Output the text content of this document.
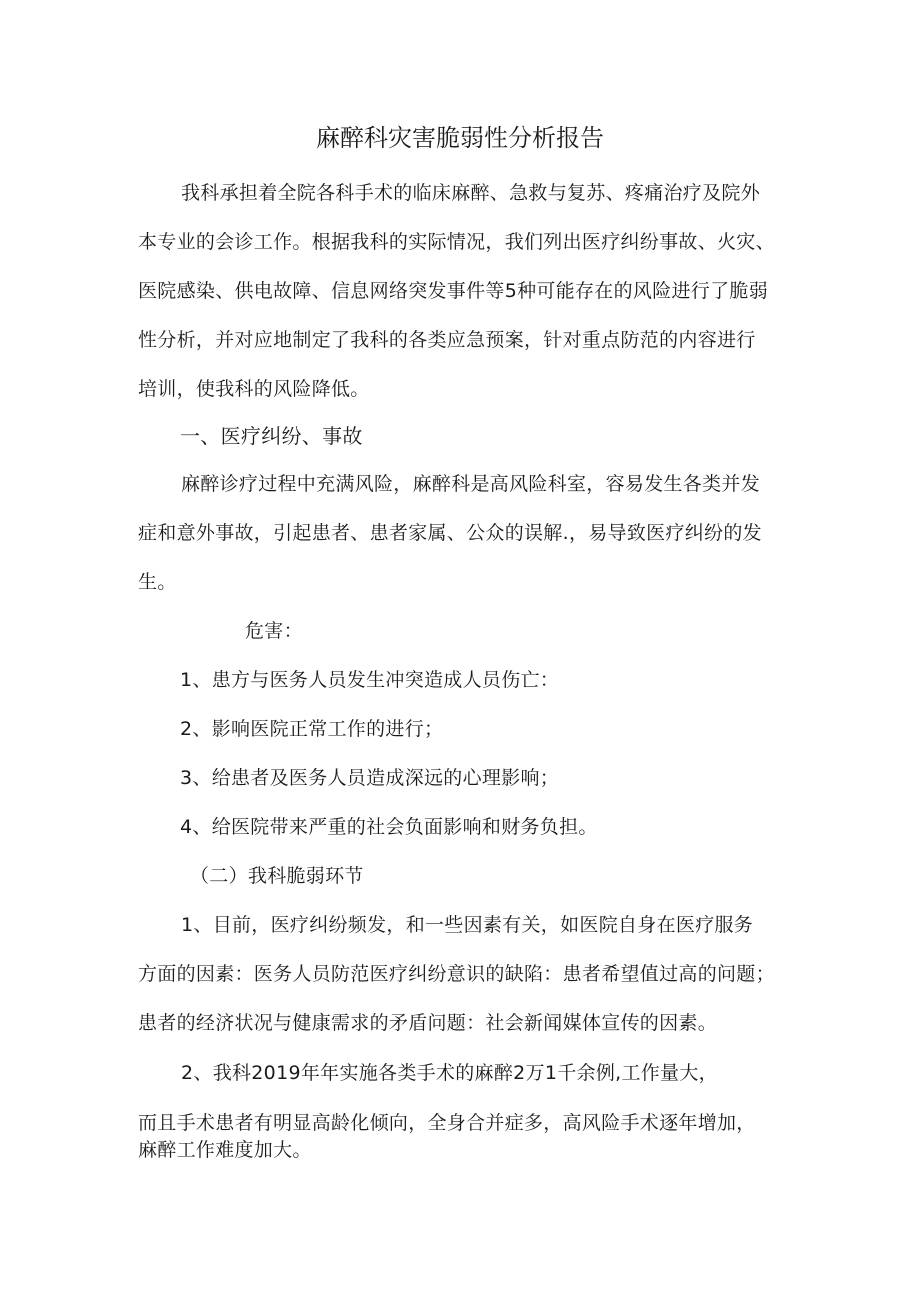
麻醉科灾害脆弱性分析报告
我科承担着全院各科手术的临床麻醉、急救与复苏、疼痛治疗及院外
本专业的会诊工作。根据我科的实际情况，我们列出医疗纠纷事故、火灾、
医院感染、供电故障、信息网络突发事件等5种可能存在的风险进行了脆弱
性分析，并对应地制定了我科的各类应急预案，针对重点防范的内容进行
培训，使我科的风险降低。
一、医疗纠纷、事故
麻醉诊疗过程中充满风险，麻醉科是高风险科室，容易发生各类并发
症和意外事故，引起患者、患者家属、公众的误解.，易导致医疗纠纷的发
生。
危害：
1、患方与医务人员发生冲突造成人员伤亡：
2、影响医院正常工作的进行；
3、给患者及医务人员造成深远的心理影响；
4、给医院带来严重的社会负面影响和财务负担。
（二）我科脆弱环节
1、目前，医疗纠纷频发，和一些因素有关，如医院自身在医疗服务
方面的因素：医务人员防范医疗纠纷意识的缺陷：患者希望值过高的问题；
患者的经济状况与健康需求的矛盾问题：社会新闻媒体宣传的因素。
2、我科2019年年实施各类手术的麻醉2万1千余例,工作量大，
而且手术患者有明显高龄化倾向，全身合并症多，高风险手术逐年增加，
麻醉工作难度加大。
